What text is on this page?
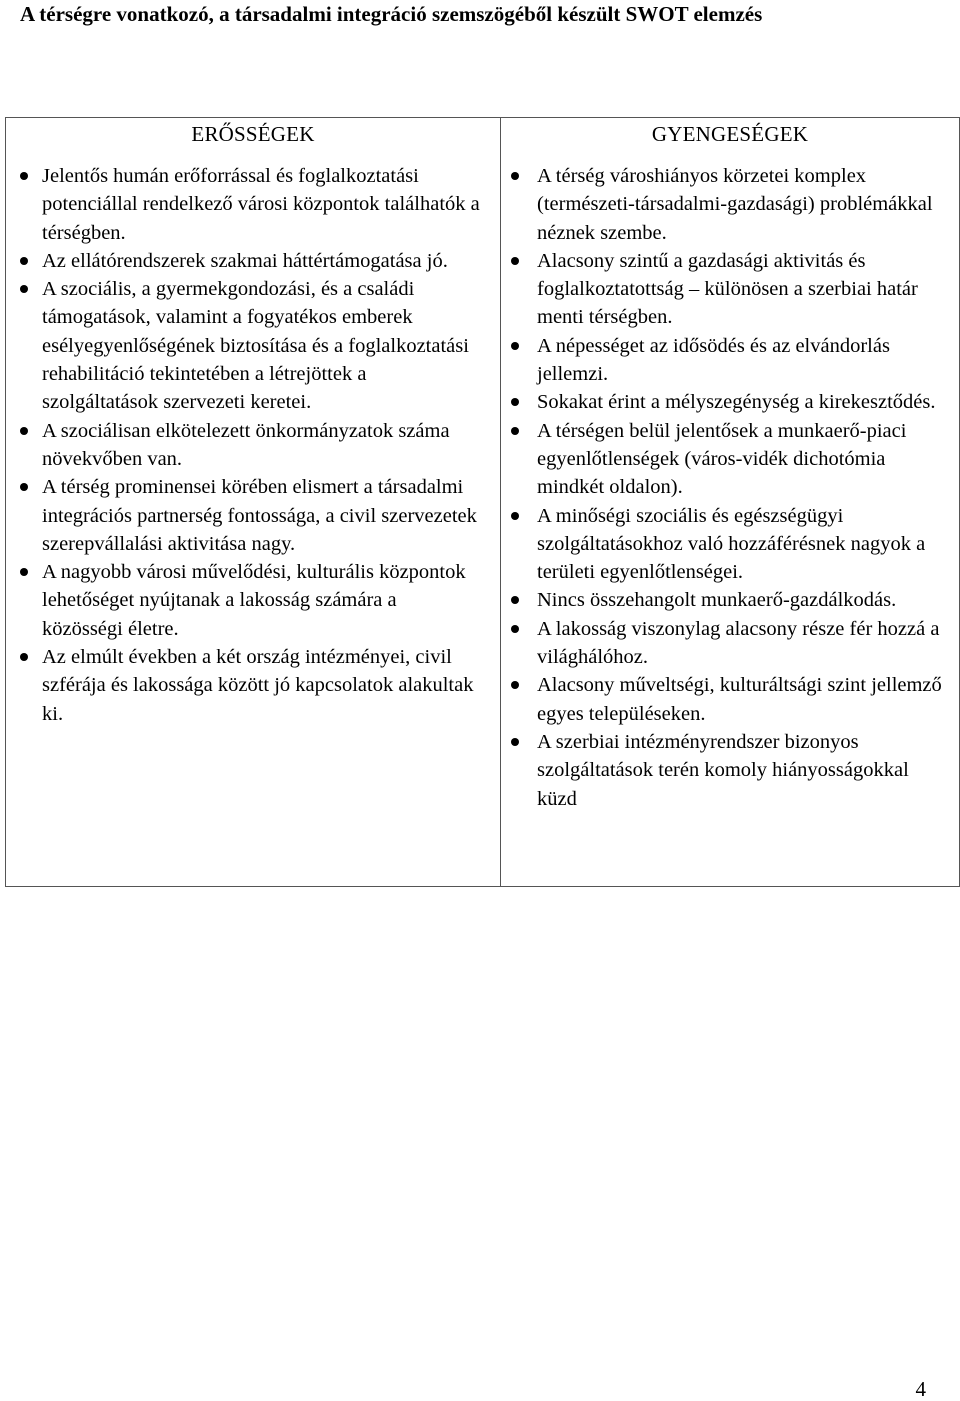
A térségre vonatkozó, a társadalmi integráció szemszögéből készült SWOT elemzés
ERŐSSÉGEK
Jelentős humán erőforrással és foglalkoztatási potenciállal rendelkező városi központok találhatók a térségben.
Az ellátórendszerek szakmai háttértámogatása jó.
A szociális, a gyermekgondozási, és a családi támogatások, valamint a fogyatékos emberek esélyegyenlőségének biztosítása és a foglalkoztatási rehabilitáció tekintetében a létrejöttek a szolgáltatások szervezeti keretei.
A szociálisan elkötelezett önkormányzatok száma növekvőben van.
A térség prominensei körében elismert a társadalmi integrációs partnerség fontossága, a civil szervezetek szerepvállalási aktivitása nagy.
A nagyobb városi művelődési, kulturális központok lehetőséget nyújtanak a lakosság számára a közösségi életre.
Az elmúlt években a két ország intézményei, civil szférája és lakossága között jó kapcsolatok alakultak ki.

GYENGESÉGEK
A térség városhiányos körzetei komplex (természeti-társadalmi-gazdasági) problémákkal néznek szembe.
Alacsony szintű a gazdasági aktivitás és foglalkoztatottság – különösen a szerbiai határ menti térségben.
A népességet az idősödés és az elvándorlás jellemzi.
Sokakat érint a mélyszegénység a kirekesztődés.
A térségen belül jelentősek a munkaerő-piaci egyenlőtlenségek (város-vidék dichotómia mindkét oldalon).
A minőségi szociális és egészségügyi szolgáltatásokhoz való hozzáférésnek nagyok a területi egyenlőtlenségei.
Nincs összehangolt munkaerő-gazdálkodás.
A lakosság viszonylag alacsony része fér hozzá a világhálóhoz.
Alacsony műveltségi, kulturáltsági szint jellemző egyes településeken.
A szerbiai intézményrendszer bizonyos szolgáltatások terén komoly hiányosságokkal küzd
4
